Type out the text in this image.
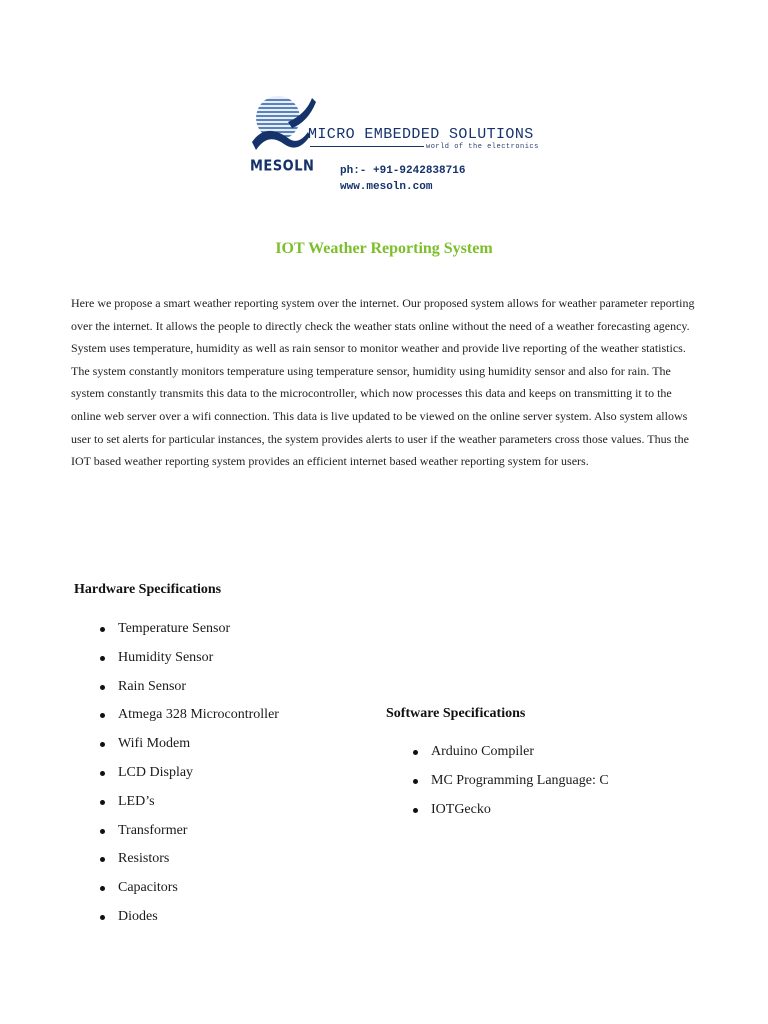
MESOLN
MICRO EMBEDDED SOLUTIONS
world of the electronics
ph:- +91-9242838716
www.mesoln.com
IOT Weather Reporting System

Here we propose a smart weather reporting system over the internet. Our proposed system allows for weather parameter reporting over the internet. It allows the people to directly check the weather stats online without the need of a weather forecasting agency.

System uses temperature, humidity as well as rain sensor to monitor weather and provide live reporting of the weather statistics.

The system constantly monitors temperature using temperature sensor, humidity using humidity sensor and also for rain. The system constantly transmits this data to the microcontroller, which now processes this data and keeps on transmitting it to the online web server over a wifi connection. This data is live updated to be viewed on the online server system. Also system allows user to set alerts for particular instances, the system provides alerts to user if the weather parameters cross those values. Thus the IOT based weather reporting system provides an efficient internet based weather reporting system for users.

Hardware Specifications
Temperature Sensor
Humidity Sensor
Rain Sensor
Atmega 328 Microcontroller
Wifi Modem
LCD Display
LED’s
Transformer
Resistors
Capacitors
Diodes
Software Specifications
Arduino Compiler
MC Programming Language: C
IOTGecko
